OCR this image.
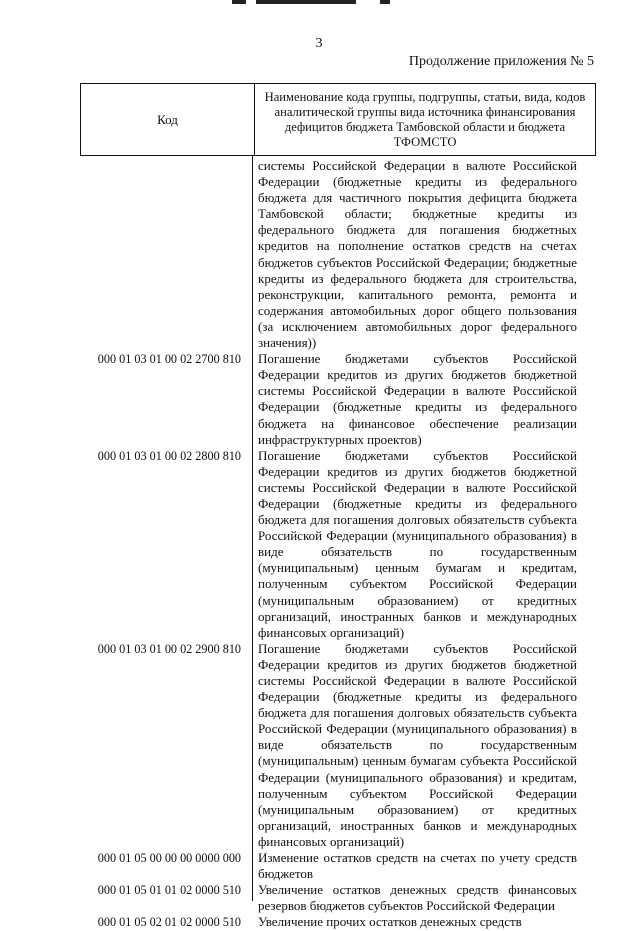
3
Продолжение приложения № 5
Код
Наименование кода группы, подгруппы, статьи, вида, кодов аналитической группы вида источника финансирования дефицитов бюджета Тамбовской области и бюджета ТФОМСТО
системы Российской Федерации в валюте Российской Федерации (бюджетные кредиты из федерального бюджета для частичного покрытия дефицита бюджета Тамбовской области; бюджетные кредиты из федерального бюджета для погашения бюджетных кредитов на пополнение остатков средств на счетах бюджетов субъектов Российской Федерации; бюджетные кредиты из федерального бюджета для строительства, реконструкции, капитального ремонта, ремонта и содержания автомобильных дорог общего пользования (за исключением автомобильных дорог федерального значения))
000 01 03 01 00 02 2700 810	Погашение бюджетами субъектов Российской Федерации кредитов из других бюджетов бюджетной системы Российской Федерации в валюте Российской Федерации (бюджетные кредиты из федерального бюджета на финансовое обеспечение реализации инфраструктурных проектов)
000 01 03 01 00 02 2800 810	Погашение бюджетами субъектов Российской Федерации кредитов из других бюджетов бюджетной системы Российской Федерации в валюте Российской Федерации (бюджетные кредиты из федерального бюджета для погашения долговых обязательств субъекта Российской Федерации (муниципального образования) в виде обязательств по государственным (муниципальным) ценным бумагам и кредитам, полученным субъектом Российской Федерации (муниципальным образованием) от кредитных организаций, иностранных банков и международных финансовых организаций)
000 01 03 01 00 02 2900 810	Погашение бюджетами субъектов Российской Федерации кредитов из других бюджетов бюджетной системы Российской Федерации в валюте Российской Федерации (бюджетные кредиты из федерального бюджета для погашения долговых обязательств субъекта Российской Федерации (муниципального образования) в виде обязательств по государственным (муниципальным) ценным бумагам субъекта Российской Федерации (муниципального образования) и кредитам, полученным субъектом Российской Федерации (муниципальным образованием) от кредитных организаций, иностранных банков и международных финансовых организаций)
000 01 05 00 00 00 0000 000	Изменение остатков средств на счетах по учету средств бюджетов
000 01 05 01 01 02 0000 510	Увеличение остатков денежных средств финансовых резервов бюджетов субъектов Российской Федерации
000 01 05 02 01 02 0000 510	Увеличение прочих остатков денежных средств
